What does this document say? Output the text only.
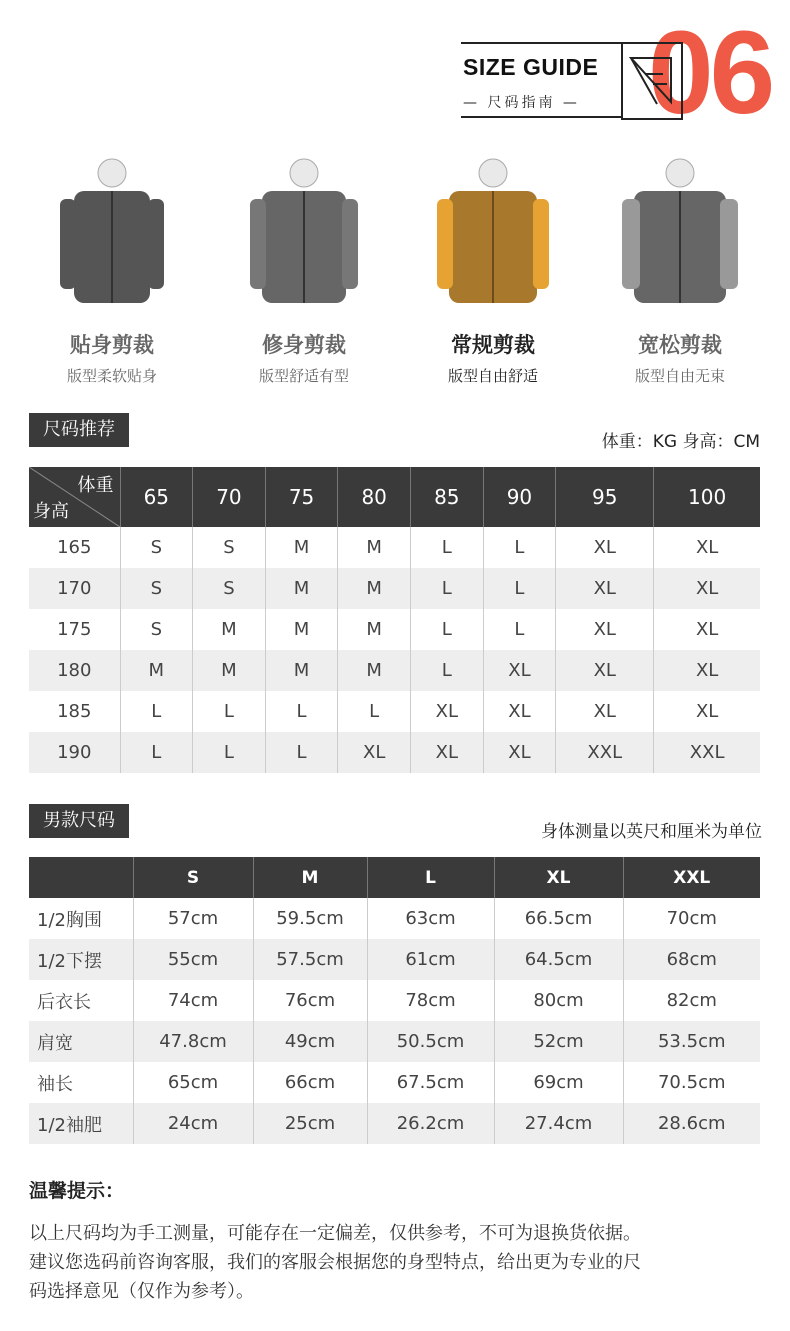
SIZE GUIDE
— 尺码指南 — 06
贴身剪裁
版型柔软贴身
修身剪裁
版型舒适有型
常规剪裁
版型自由舒适
宽松剪裁
版型自由无束
尺码推荐
体重：KG 身高：CM
体重
身高	65	70	75	80	85	90	95	100
165	S	S	M	M	L	L	XL	XL
170	S	S	M	M	L	L	XL	XL
175	S	M	M	M	L	L	XL	XL
180	M	M	M	M	L	XL	XL	XL
185	L	L	L	L	XL	XL	XL	XL
190	L	L	L	XL	XL	XL	XXL	XXL
男款尺码
身体测量以英尺和厘米为单位
	S	M	L	XL	XXL
1/2胸围	57cm	59.5cm	63cm	66.5cm	70cm
1/2下摆	55cm	57.5cm	61cm	64.5cm	68cm
后衣长	74cm	76cm	78cm	80cm	82cm
肩宽	47.8cm	49cm	50.5cm	52cm	53.5cm
袖长	65cm	66cm	67.5cm	69cm	70.5cm
1/2袖肥	24cm	25cm	26.2cm	27.4cm	28.6cm
温馨提示：
以上尺码均为手工测量，可能存在一定偏差，仅供参考，不可为退换货依据。
建议您选码前咨询客服，我们的客服会根据您的身型特点，给出更为专业的尺
码选择意见（仅作为参考）。
